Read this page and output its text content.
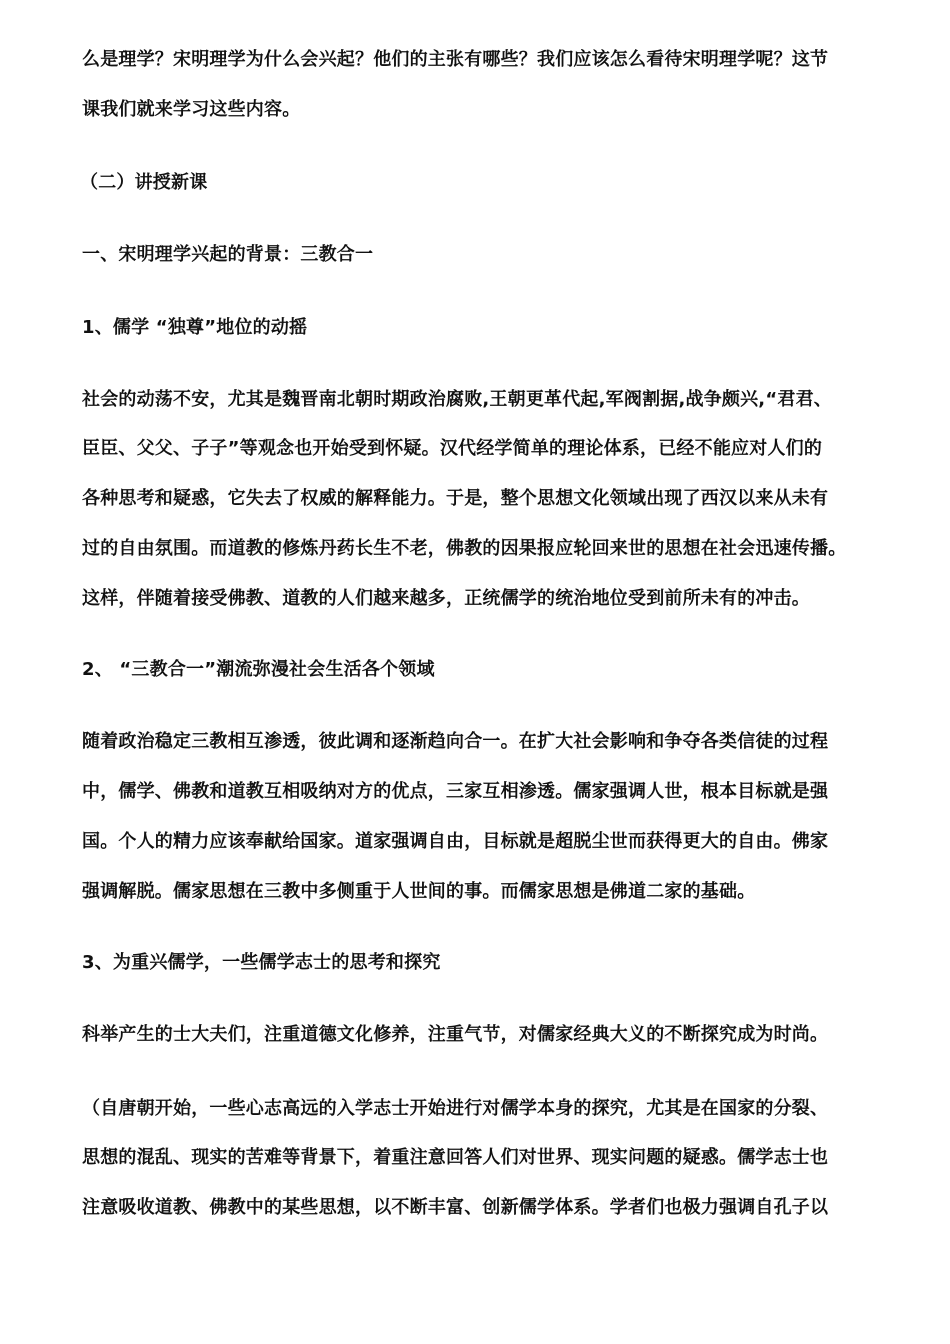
么是理学？宋明理学为什么会兴起？他们的主张有哪些？我们应该怎么看待宋明理学呢？这节
课我们就来学习这些内容。
（二）讲授新课
一、宋明理学兴起的背景：三教合一
1、儒学 “独尊”地位的动摇
社会的动荡不安，尤其是魏晋南北朝时期政治腐败,王朝更革代起,军阀割据,战争颇兴,“君君、
臣臣、父父、子子”等观念也开始受到怀疑。汉代经学简单的理论体系，已经不能应对人们的
各种思考和疑惑，它失去了权威的解释能力。于是，整个思想文化领域出现了西汉以来从未有
过的自由氛围。而道教的修炼丹药长生不老，佛教的因果报应轮回来世的思想在社会迅速传播。
这样，伴随着接受佛教、道教的人们越来越多，正统儒学的统治地位受到前所未有的冲击。
2、 “三教合一”潮流弥漫社会生活各个领域
随着政治稳定三教相互渗透，彼此调和逐渐趋向合一。在扩大社会影响和争夺各类信徒的过程
中，儒学、佛教和道教互相吸纳对方的优点，三家互相渗透。儒家强调人世，根本目标就是强
国。个人的精力应该奉献给国家。道家强调自由，目标就是超脱尘世而获得更大的自由。佛家
强调解脱。儒家思想在三教中多侧重于人世间的事。而儒家思想是佛道二家的基础。
3、为重兴儒学，一些儒学志士的思考和探究
科举产生的士大夫们，注重道德文化修养，注重气节，对儒家经典大义的不断探究成为时尚。
（自唐朝开始，一些心志高远的入学志士开始进行对儒学本身的探究，尤其是在国家的分裂、
思想的混乱、现实的苦难等背景下，着重注意回答人们对世界、现实问题的疑惑。儒学志士也
注意吸收道教、佛教中的某些思想，以不断丰富、创新儒学体系。学者们也极力强调自孔子以
